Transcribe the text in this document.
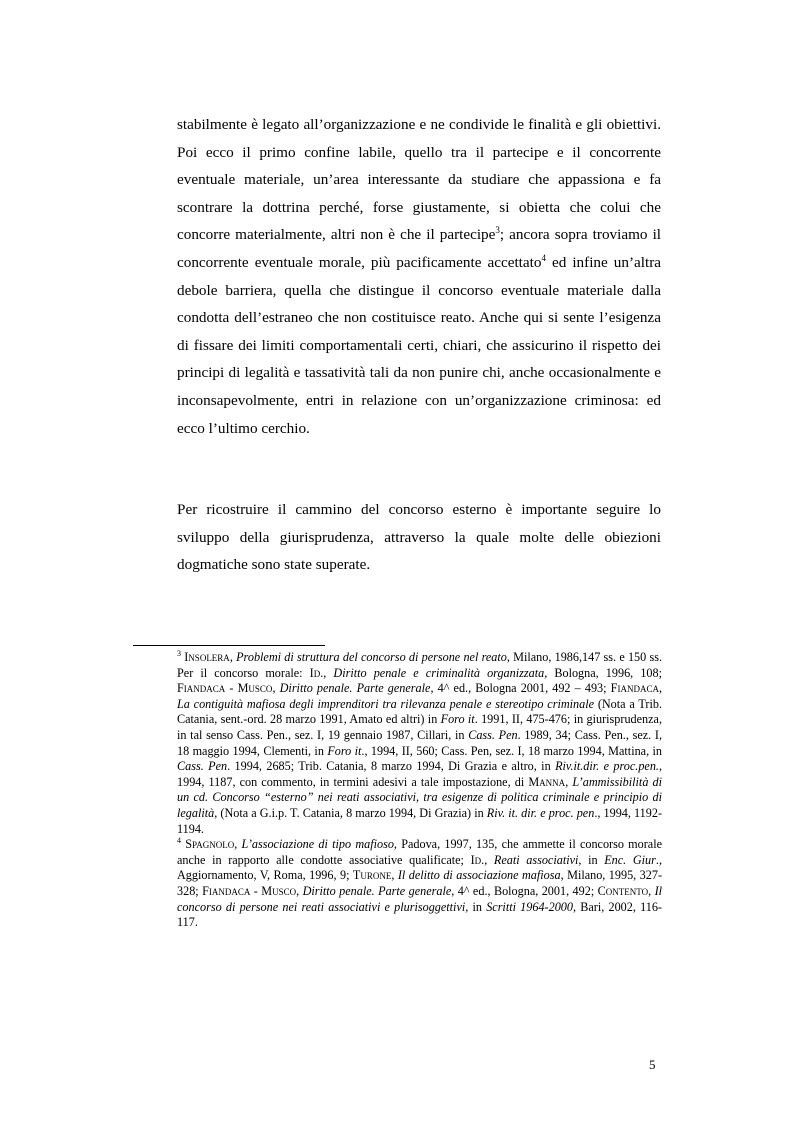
stabilmente è legato all’organizzazione e ne condivide le finalità e gli obiettivi. Poi ecco il primo confine labile, quello tra il partecipe e il concorrente eventuale materiale, un’area interessante da studiare che appassiona e fa scontrare la dottrina perché, forse giustamente, si obietta che colui che concorre materialmente, altri non è che il partecipe$^3$; ancora sopra troviamo il concorrente eventuale morale, più pacificamente accettato$^4$ ed infine un’altra debole barriera, quella che distingue il concorso eventuale materiale dalla condotta dell’estraneo che non costituisce reato. Anche qui si sente l’esigenza di fissare dei limiti comportamentali certi, chiari, che assicurino il rispetto dei principi di legalità e tassatività tali da non punire chi, anche occasionalmente e inconsapevolmente, entri in relazione con un’organizzazione criminosa: ed ecco l’ultimo cerchio.

Per ricostruire il cammino del concorso esterno è importante seguire lo sviluppo della giurisprudenza, attraverso la quale molte delle obiezioni dogmatiche sono state superate.

$^3$ Insolera, Problemi di struttura del concorso di persone nel reato, Milano, 1986,147 ss. e 150 ss. Per il concorso morale: Id., Diritto penale e criminalità organizzata, Bologna, 1996, 108; Fiandaca - Musco, Diritto penale. Parte generale, 4^ ed., Bologna 2001, 492 – 493; Fiandaca, La contiguità mafiosa degli imprenditori tra rilevanza penale e stereotipo criminale (Nota a Trib. Catania, sent.-ord. 28 marzo 1991, Amato ed altri) in Foro it. 1991, II, 475-476; in giurisprudenza, in tal senso Cass. Pen., sez. I, 19 gennaio 1987, Cillari, in Cass. Pen. 1989, 34; Cass. Pen., sez. I, 18 maggio 1994, Clementi, in Foro it., 1994, II, 560; Cass. Pen, sez. I, 18 marzo 1994, Mattina, in Cass. Pen. 1994, 2685; Trib. Catania, 8 marzo 1994, Di Grazia e altro, in Riv.it.dir. e proc.pen., 1994, 1187, con commento, in termini adesivi a tale impostazione, di Manna, L’ammissibilità di un cd. Concorso “esterno” nei reati associativi, tra esigenze di politica criminale e principio di legalità, (Nota a G.i.p. T. Catania, 8 marzo 1994, Di Grazia) in Riv. it. dir. e proc. pen., 1994, 1192-1194.

$^4$ Spagnolo, L’associazione di tipo mafioso, Padova, 1997, 135, che ammette il concorso morale anche in rapporto alle condotte associative qualificate; Id., Reati associativi, in Enc. Giur., Aggiornamento, V, Roma, 1996, 9; Turone, Il delitto di associazione mafiosa, Milano, 1995, 327-328; Fiandaca - Musco, Diritto penale. Parte generale, 4^ ed., Bologna, 2001, 492; Contento, Il concorso di persone nei reati associativi e plurisoggettivi, in Scritti 1964-2000, Bari, 2002, 116-117.

5
